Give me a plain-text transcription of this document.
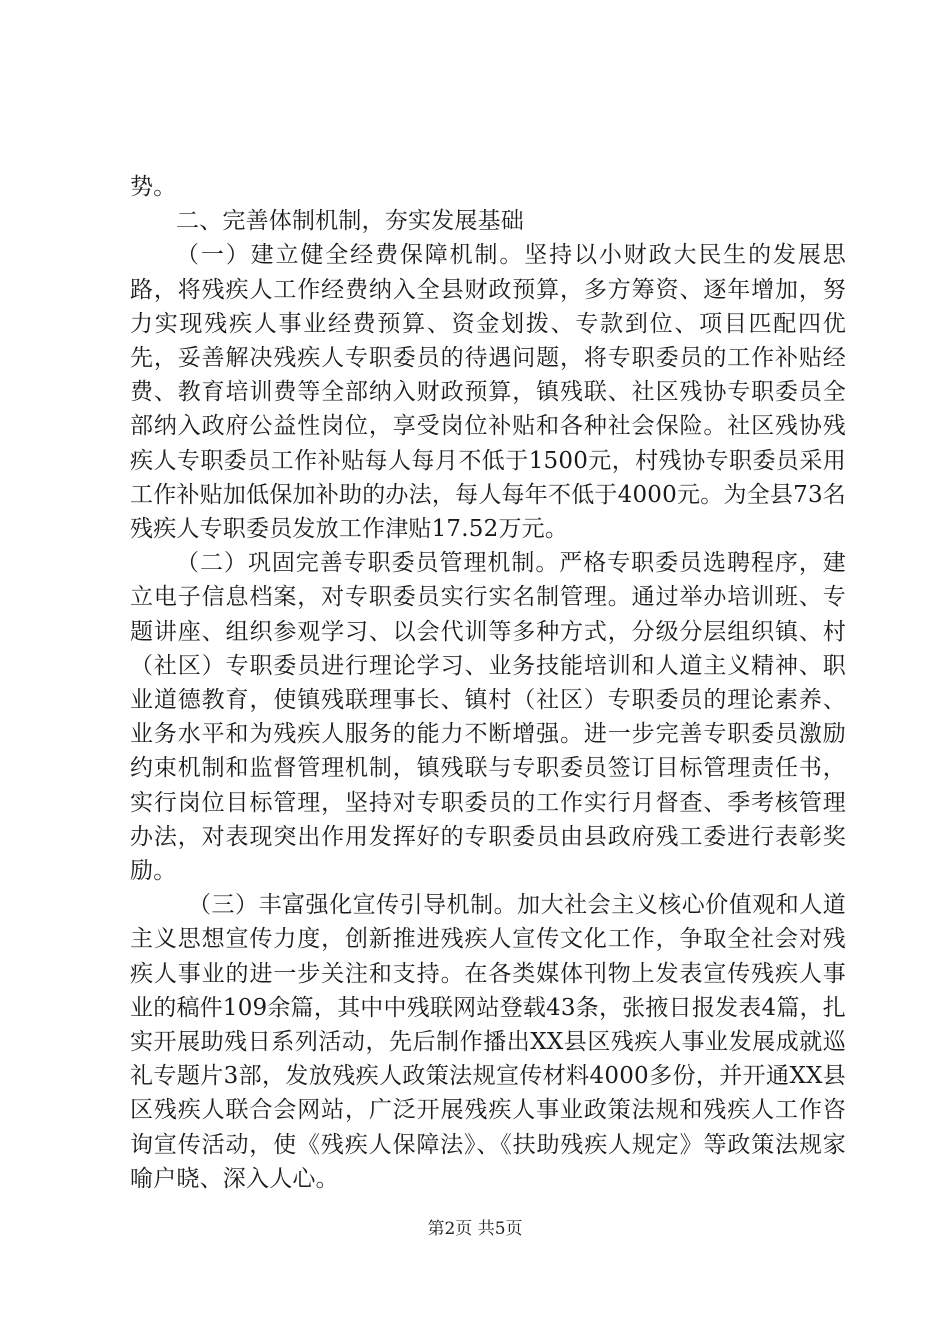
势。

二、完善体制机制，夯实发展基础

（一）建立健全经费保障机制。坚持以小财政大民生的发展思路，将残疾人工作经费纳入全县财政预算，多方筹资、逐年增加，努力实现残疾人事业经费预算、资金划拨、专款到位、项目匹配四优先，妥善解决残疾人专职委员的待遇问题，将专职委员的工作补贴经费、教育培训费等全部纳入财政预算，镇残联、社区残协专职委员全部纳入政府公益性岗位，享受岗位补贴和各种社会保险。社区残协残疾人专职委员工作补贴每人每月不低于1500元，村残协专职委员采用工作补贴加低保加补助的办法，每人每年不低于4000元。为全县73名残疾人专职委员发放工作津贴17.52万元。

（二）巩固完善专职委员管理机制。严格专职委员选聘程序，建立电子信息档案，对专职委员实行实名制管理。通过举办培训班、专题讲座、组织参观学习、以会代训等多种方式，分级分层组织镇、村（社区）专职委员进行理论学习、业务技能培训和人道主义精神、职业道德教育，使镇残联理事长、镇村（社区）专职委员的理论素养、业务水平和为残疾人服务的能力不断增强。进一步完善专职委员激励约束机制和监督管理机制，镇残联与专职委员签订目标管理责任书，实行岗位目标管理，坚持对专职委员的工作实行月督查、季考核管理办法，对表现突出作用发挥好的专职委员由县政府残工委进行表彰奖励。

（三）丰富强化宣传引导机制。加大社会主义核心价值观和人道主义思想宣传力度，创新推进残疾人宣传文化工作，争取全社会对残疾人事业的进一步关注和支持。在各类媒体刊物上发表宣传残疾人事业的稿件109余篇，其中中残联网站登载43条，张掖日报发表4篇，扎实开展助残日系列活动，先后制作播出XX县区残疾人事业发展成就巡礼专题片3部，发放残疾人政策法规宣传材料4000多份，并开通XX县区残疾人联合会网站，广泛开展残疾人事业政策法规和残疾人工作咨询宣传活动，使《残疾人保障法》、《扶助残疾人规定》等政策法规家喻户晓、深入人心。

第2页 共5页
